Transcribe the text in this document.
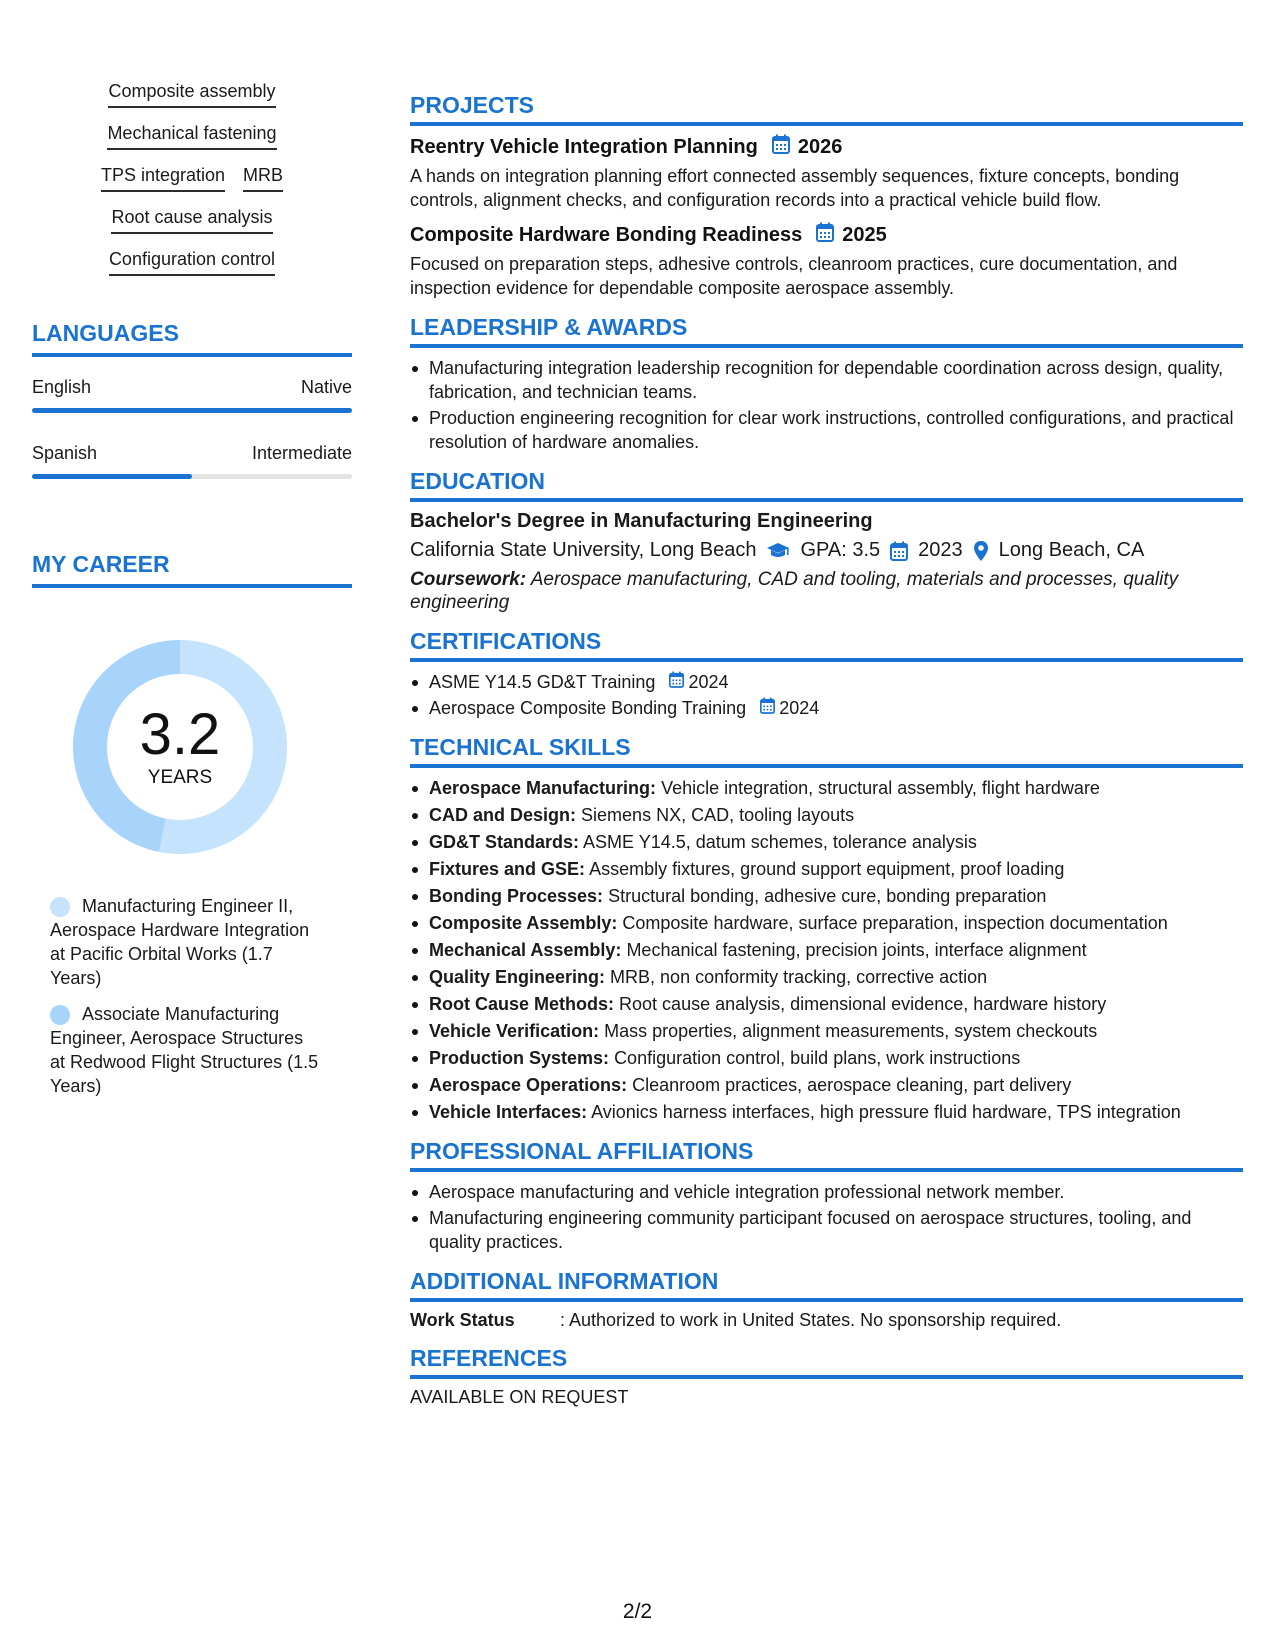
Composite assembly
Mechanical fastening
TPS integration MRB
Root cause analysis
Configuration control
LANGUAGES
English	Native
Spanish	Intermediate
MY CAREER
3.2
YEARS
Manufacturing Engineer II, Aerospace Hardware Integration at Pacific Orbital Works (1.7 Years)
Associate Manufacturing Engineer, Aerospace Structures at Redwood Flight Structures (1.5 Years)
PROJECTS
Reentry Vehicle Integration Planning 2026
A hands on integration planning effort connected assembly sequences, fixture concepts, bonding controls, alignment checks, and configuration records into a practical vehicle build flow.
Composite Hardware Bonding Readiness 2025
Focused on preparation steps, adhesive controls, cleanroom practices, cure documentation, and inspection evidence for dependable composite aerospace assembly.
LEADERSHIP & AWARDS
Manufacturing integration leadership recognition for dependable coordination across design, quality, fabrication, and technician teams.
Production engineering recognition for clear work instructions, controlled configurations, and practical resolution of hardware anomalies.
EDUCATION
Bachelor's Degree in Manufacturing Engineering
California State University, Long Beach GPA: 3.5 2023 Long Beach, CA
Coursework: Aerospace manufacturing, CAD and tooling, materials and processes, quality engineering
CERTIFICATIONS
ASME Y14.5 GD&T Training 2024
Aerospace Composite Bonding Training 2024
TECHNICAL SKILLS
Aerospace Manufacturing: Vehicle integration, structural assembly, flight hardware
CAD and Design: Siemens NX, CAD, tooling layouts
GD&T Standards: ASME Y14.5, datum schemes, tolerance analysis
Fixtures and GSE: Assembly fixtures, ground support equipment, proof loading
Bonding Processes: Structural bonding, adhesive cure, bonding preparation
Composite Assembly: Composite hardware, surface preparation, inspection documentation
Mechanical Assembly: Mechanical fastening, precision joints, interface alignment
Quality Engineering: MRB, non conformity tracking, corrective action
Root Cause Methods: Root cause analysis, dimensional evidence, hardware history
Vehicle Verification: Mass properties, alignment measurements, system checkouts
Production Systems: Configuration control, build plans, work instructions
Aerospace Operations: Cleanroom practices, aerospace cleaning, part delivery
Vehicle Interfaces: Avionics harness interfaces, high pressure fluid hardware, TPS integration
PROFESSIONAL AFFILIATIONS
Aerospace manufacturing and vehicle integration professional network member.
Manufacturing engineering community participant focused on aerospace structures, tooling, and quality practices.
ADDITIONAL INFORMATION
Work Status	: Authorized to work in United States. No sponsorship required.
REFERENCES
AVAILABLE ON REQUEST
2/2
